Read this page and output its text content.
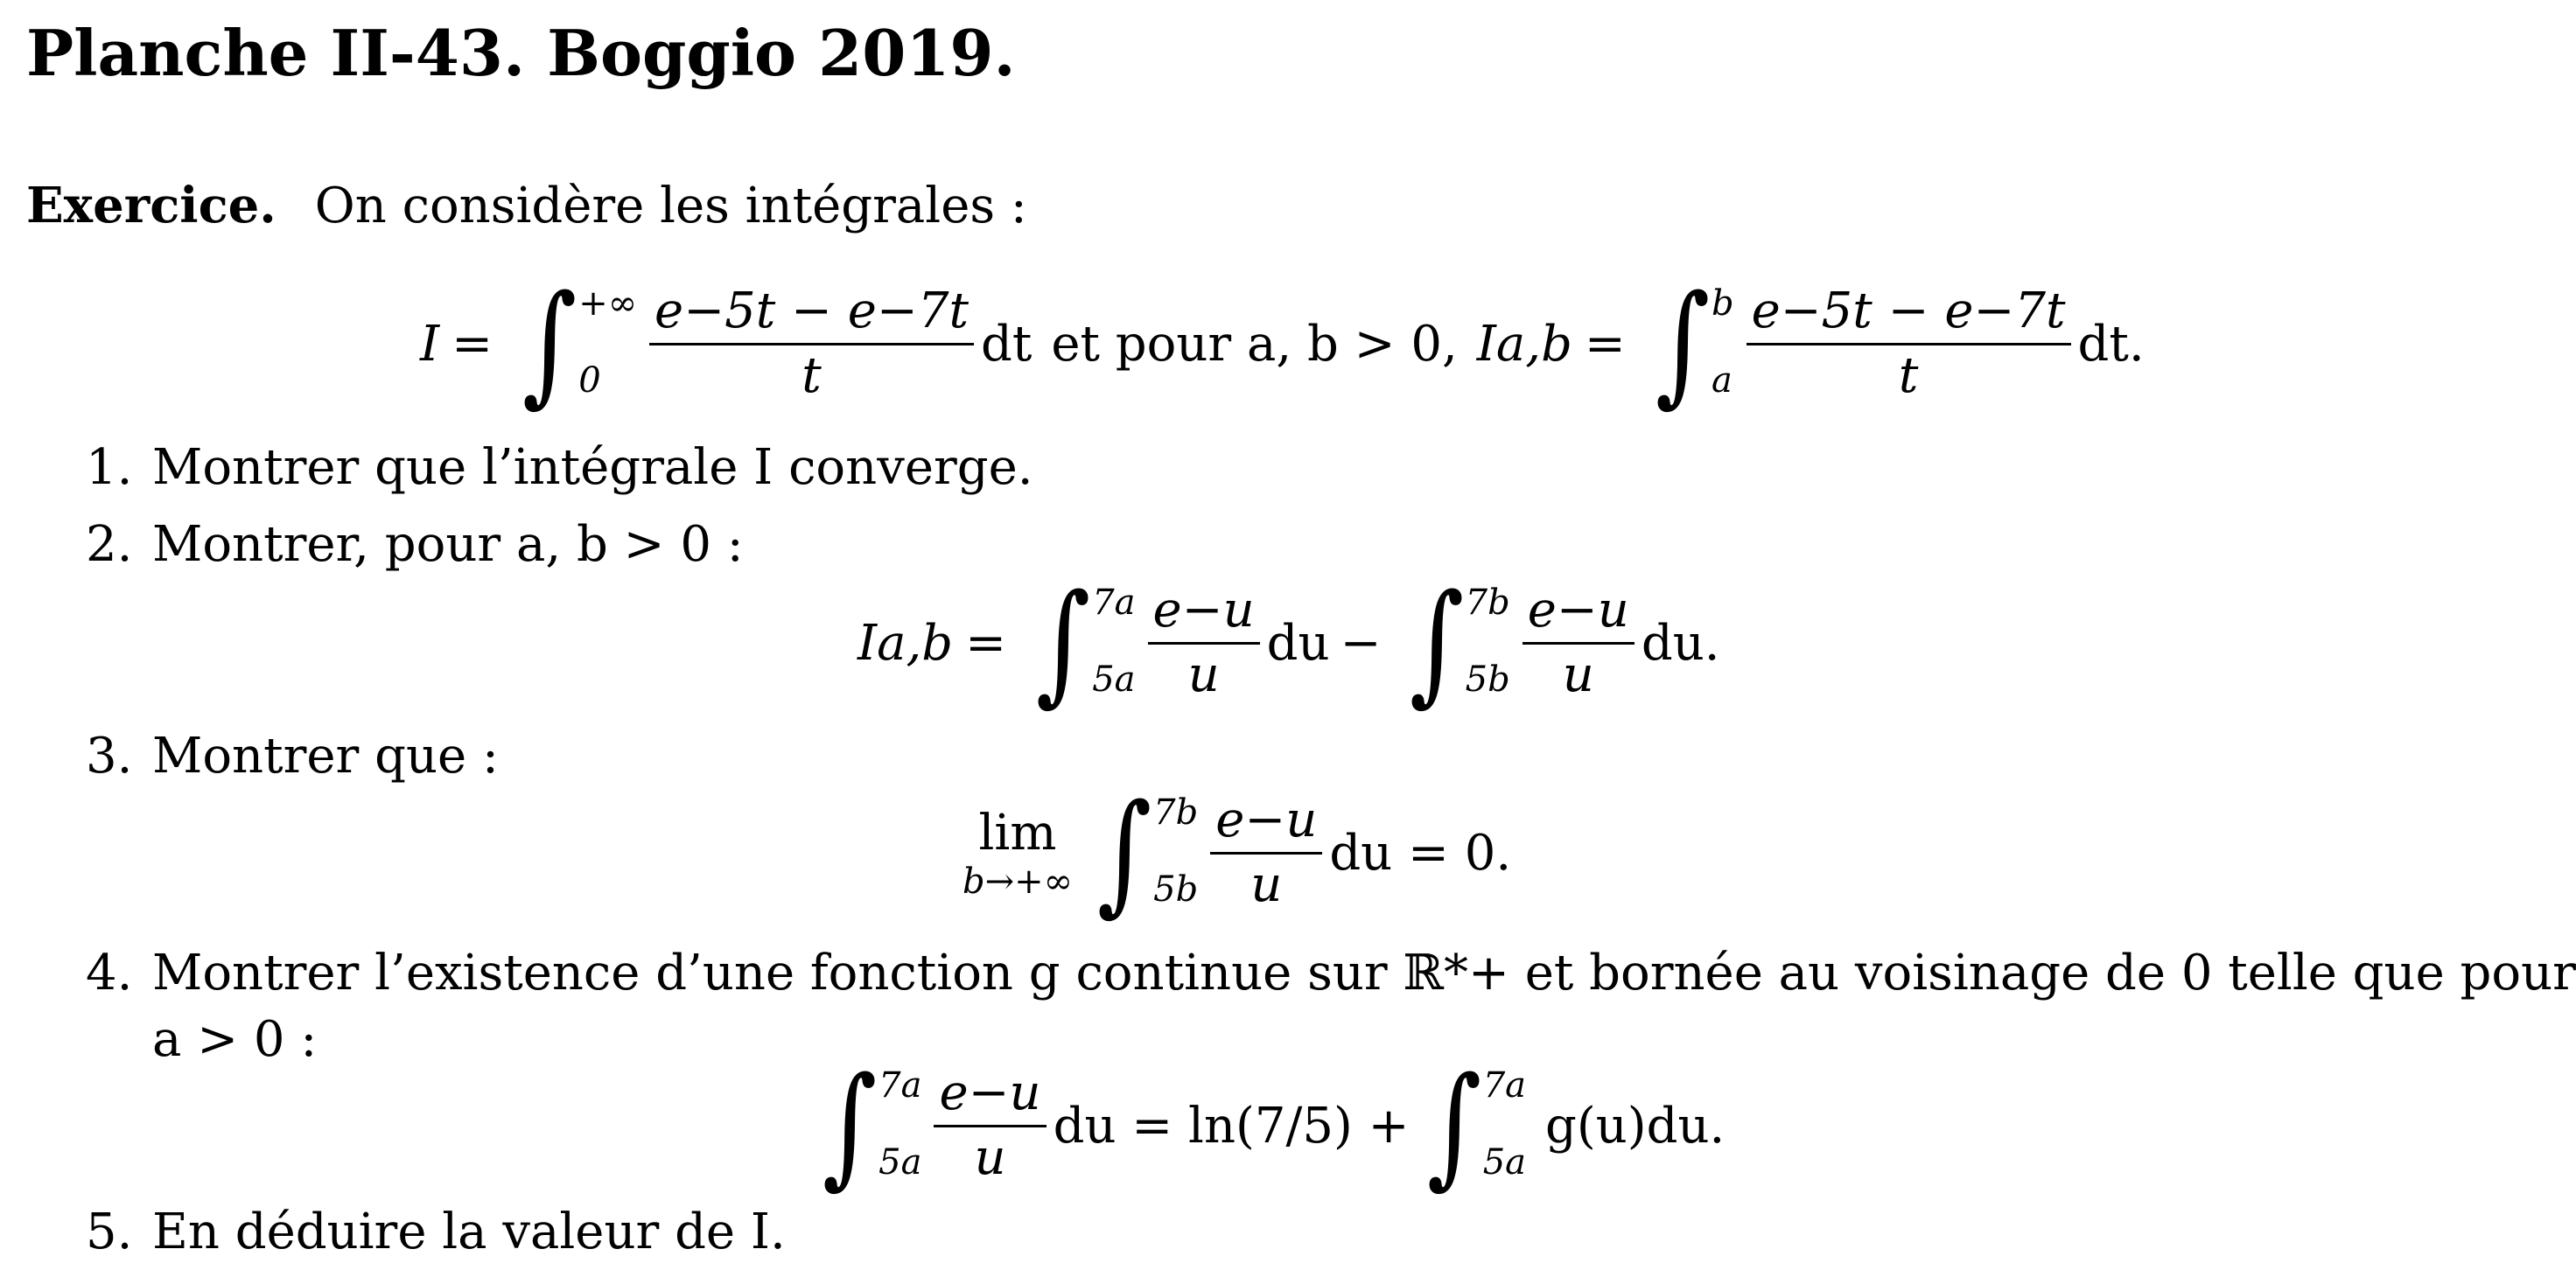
Planche II-43. Boggio 2019.
Exercice. On considère les intégrales :
I = ∫ +∞
$0 \frac{e-5t - e-7t}{t}$ dt et pour a, b > 0, Ia,b = ∫ b
a $\frac{e-5t - e-7t}{t}$ dt.
1. Montrer que l’intégrale I converge.
2. Montrer, pour a, b > 0 :
Ia,b = ∫ 7a
$5a \frac{e-u}{u}$ du − ∫ 7b
$5b \frac{e-u}{u}$ du.
3. Montrer que :
lim
b→+∞ ∫ 7b
$5b \frac{e-u}{u}$ du = 0.
4. Montrer l’existence d’une fonction g continue sur ℝ*+ et bornée au voisinage de 0 telle que pour
a > 0 :
∫ 7a
$5a \frac{e-u}{u}$ du = ln(7/5) + ∫ 7a
5a
g(u)du.
5. En déduire la valeur de I.
